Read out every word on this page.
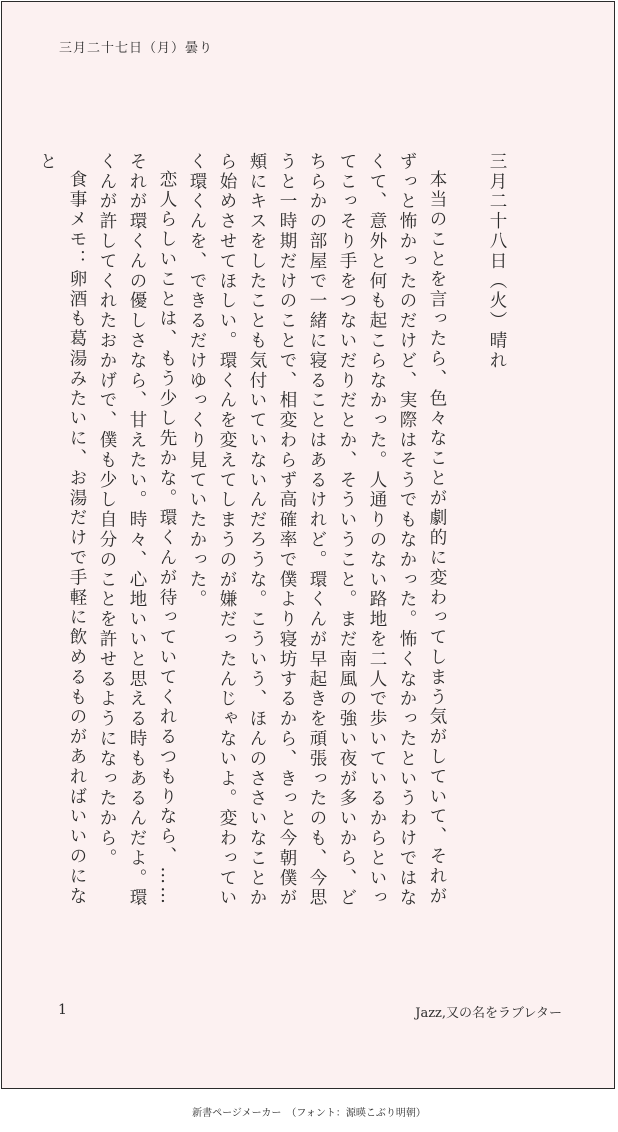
三月二十七日（月）曇り

三月二十八日（火）晴れ

本当のことを言ったら、色々なことが劇的に変わってしまう気がしていて、それがずっと怖かったのだけど、実際はそうでもなかった。怖くなかったというわけではなくて、意外と何も起こらなかった。人通りのない路地を二人で歩いているからといってこっそり手をつないだりだとか、そういうこと。まだ南風の強い夜が多いから、どちらかの部屋で一緒に寝ることはあるけれど。環くんが早起きを頑張ったのも、今思うと一時期だけのことで、相変わらず高確率で僕より寝坊するから、きっと今朝僕が頬にキスをしたことも気付いていないんだろうな。こういう、ほんのささいなことから始めさせてほしい。環くんを変えてしまうのが嫌だったんじゃないよ。変わっていく環くんを、できるだけゆっくり見ていたかった。

恋人らしいことは、もう少し先かな。環くんが待っていてくれるつもりなら、……それが環くんの優しさなら、甘えたい。時々、心地いいと思える時もあるんだよ。環くんが許してくれたおかげで、僕も少し自分のことを許せるようになったから。

食事メモ：卵酒も葛湯みたいに、お湯だけで手軽に飲めるものがあればいいのになと

1	Jazz,又の名をラブレター
新書ページメーカー　（フォント：源暎こぶり明朝）
